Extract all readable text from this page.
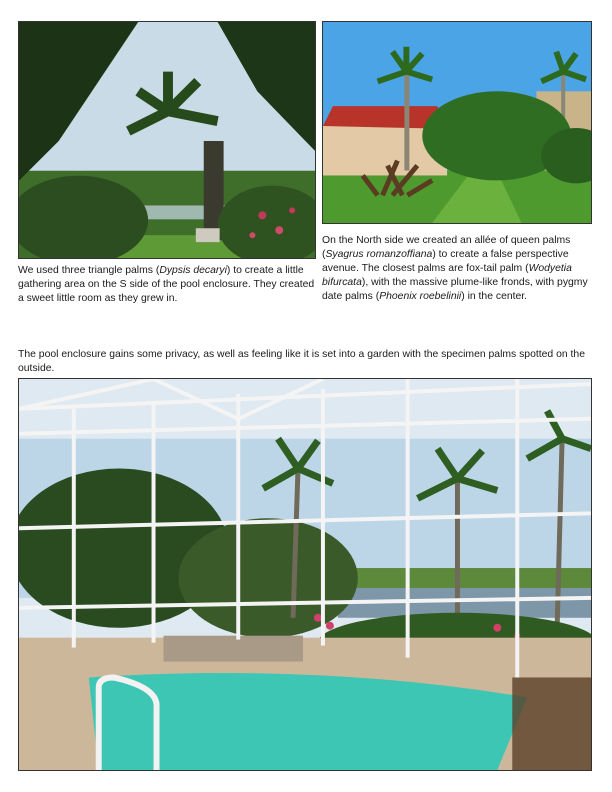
We used three triangle palms (Dypsis decaryi) to create a little gathering area on the S side of the pool enclosure. They created a sweet little room as they grew in.

On the North side we created an allée of queen palms (Syagrus romanzoffiana) to create a false perspective avenue. The closest palms are fox-tail palm (Wodyetia bifurcata), with the massive plume-like fronds, with pygmy date palms (Phoenix roebelinii) in the center.

The pool enclosure gains some privacy, as well as feeling like it is set into a garden with the specimen palms spotted on the outside.
